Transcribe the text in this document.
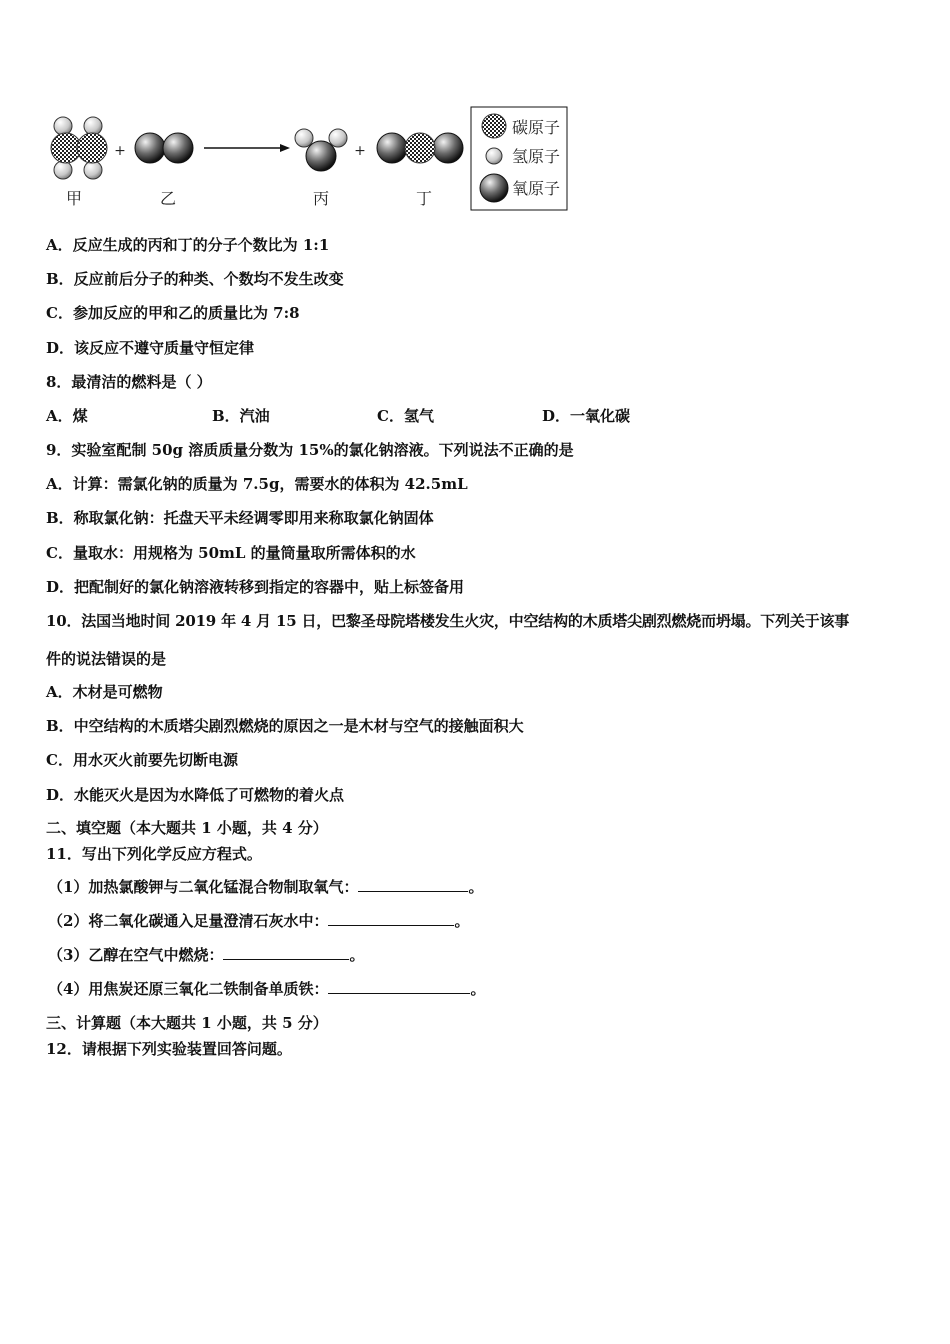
甲
+
乙	丙
+
丁
碳原子
氢原子
氧原子
A．反应生成的丙和丁的分子个数比为 1:1
B．反应前后分子的种类、个数均不发生改变
C．参加反应的甲和乙的质量比为 7:8
D．该反应不遵守质量守恒定律
8．最清洁的燃料是（ ）
A．煤	B．汽油	C．氢气	D．一氧化碳
9．实验室配制 50g 溶质质量分数为 15%的氯化钠溶液。下列说法不正确的是
A．计算：需氯化钠的质量为 7.5g，需要水的体积为 42.5mL
B．称取氯化钠：托盘天平未经调零即用来称取氯化钠固体
C．量取水：用规格为 50mL 的量筒量取所需体积的水
D．把配制好的氯化钠溶液转移到指定的容器中，贴上标签备用
10．法国当地时间 2019 年 4 月 15 日，巴黎圣母院塔楼发生火灾，中空结构的木质塔尖剧烈燃烧而坍塌。下列关于该事
件的说法错误的是
A．木材是可燃物
B．中空结构的木质塔尖剧烈燃烧的原因之一是木材与空气的接触面积大
C．用水灭火前要先切断电源
D．水能灭火是因为水降低了可燃物的着火点
二、填空题（本大题共 1 小题，共 4 分）
11．写出下列化学反应方程式。
（1）加热氯酸钾与二氧化锰混合物制取氧气：	。
（2）将二氧化碳通入足量澄清石灰水中：	。
（3）乙醇在空气中燃烧：	。
（4）用焦炭还原三氧化二铁制备单质铁：	。
三、计算题（本大题共 1 小题，共 5 分）
12．请根据下列实验装置回答问题。
